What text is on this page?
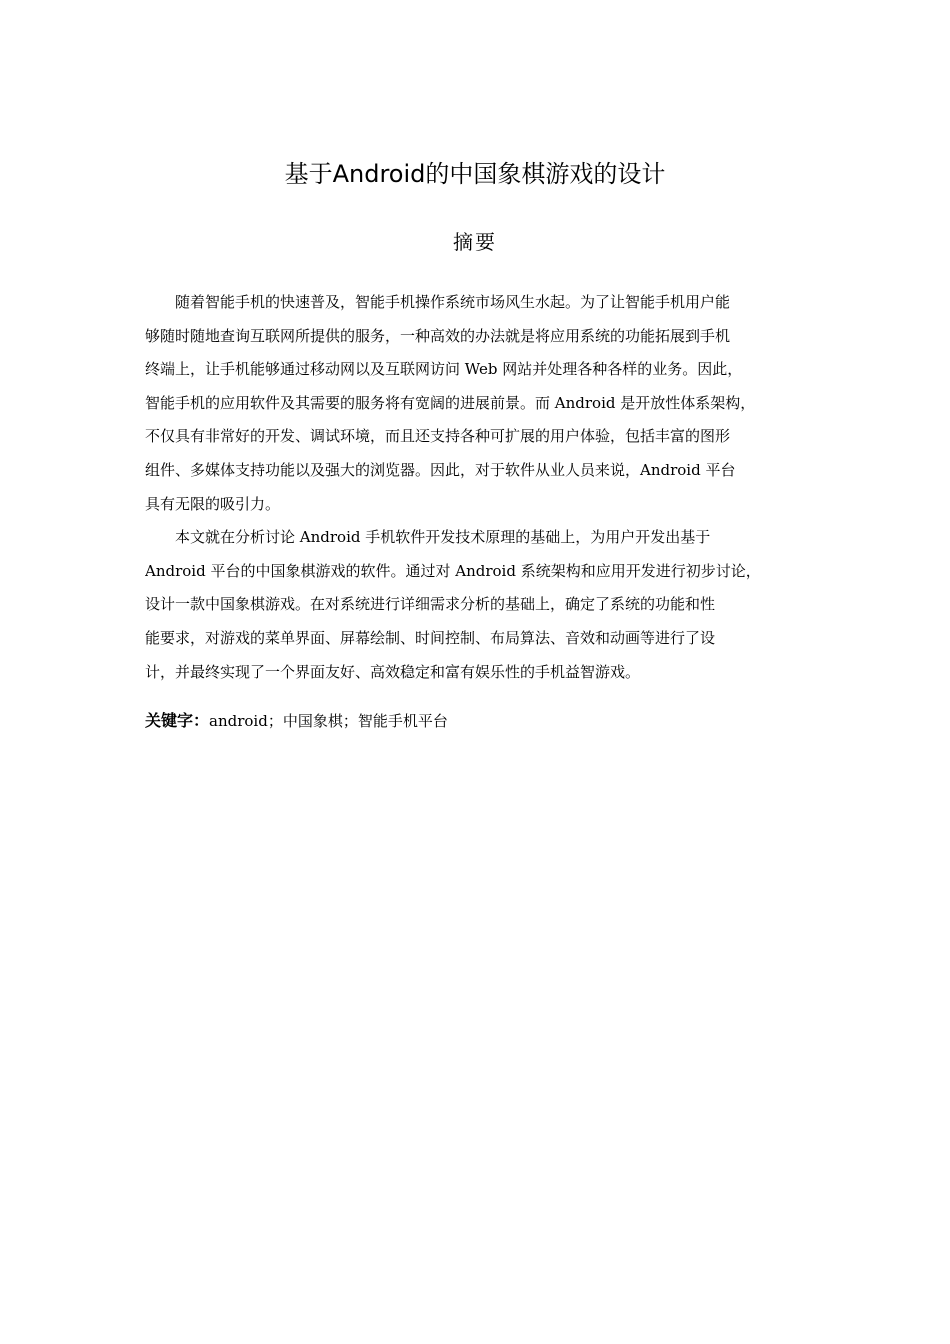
基于Android的中国象棋游戏的设计
摘要

随着智能手机的快速普及，智能手机操作系统市场风生水起。为了让智能手机用户能
够随时随地查询互联网所提供的服务，一种高效的办法就是将应用系统的功能拓展到手机
终端上，让手机能够通过移动网以及互联网访问 Web 网站并处理各种各样的业务。因此，
智能手机的应用软件及其需要的服务将有宽阔的进展前景。而 Android 是开放性体系架构，
不仅具有非常好的开发、调试环境，而且还支持各种可扩展的用户体验，包括丰富的图形
组件、多媒体支持功能以及强大的浏览器。因此，对于软件从业人员来说，Android 平台
具有无限的吸引力。

本文就在分析讨论 Android 手机软件开发技术原理的基础上，为用户开发出基于
Android 平台的中国象棋游戏的软件。通过对 Android 系统架构和应用开发进行初步讨论，
设计一款中国象棋游戏。在对系统进行详细需求分析的基础上，确定了系统的功能和性
能要求，对游戏的菜单界面、屏幕绘制、时间控制、布局算法、音效和动画等进行了设
计，并最终实现了一个界面友好、高效稳定和富有娱乐性的手机益智游戏。

关键字：android；中国象棋；智能手机平台
